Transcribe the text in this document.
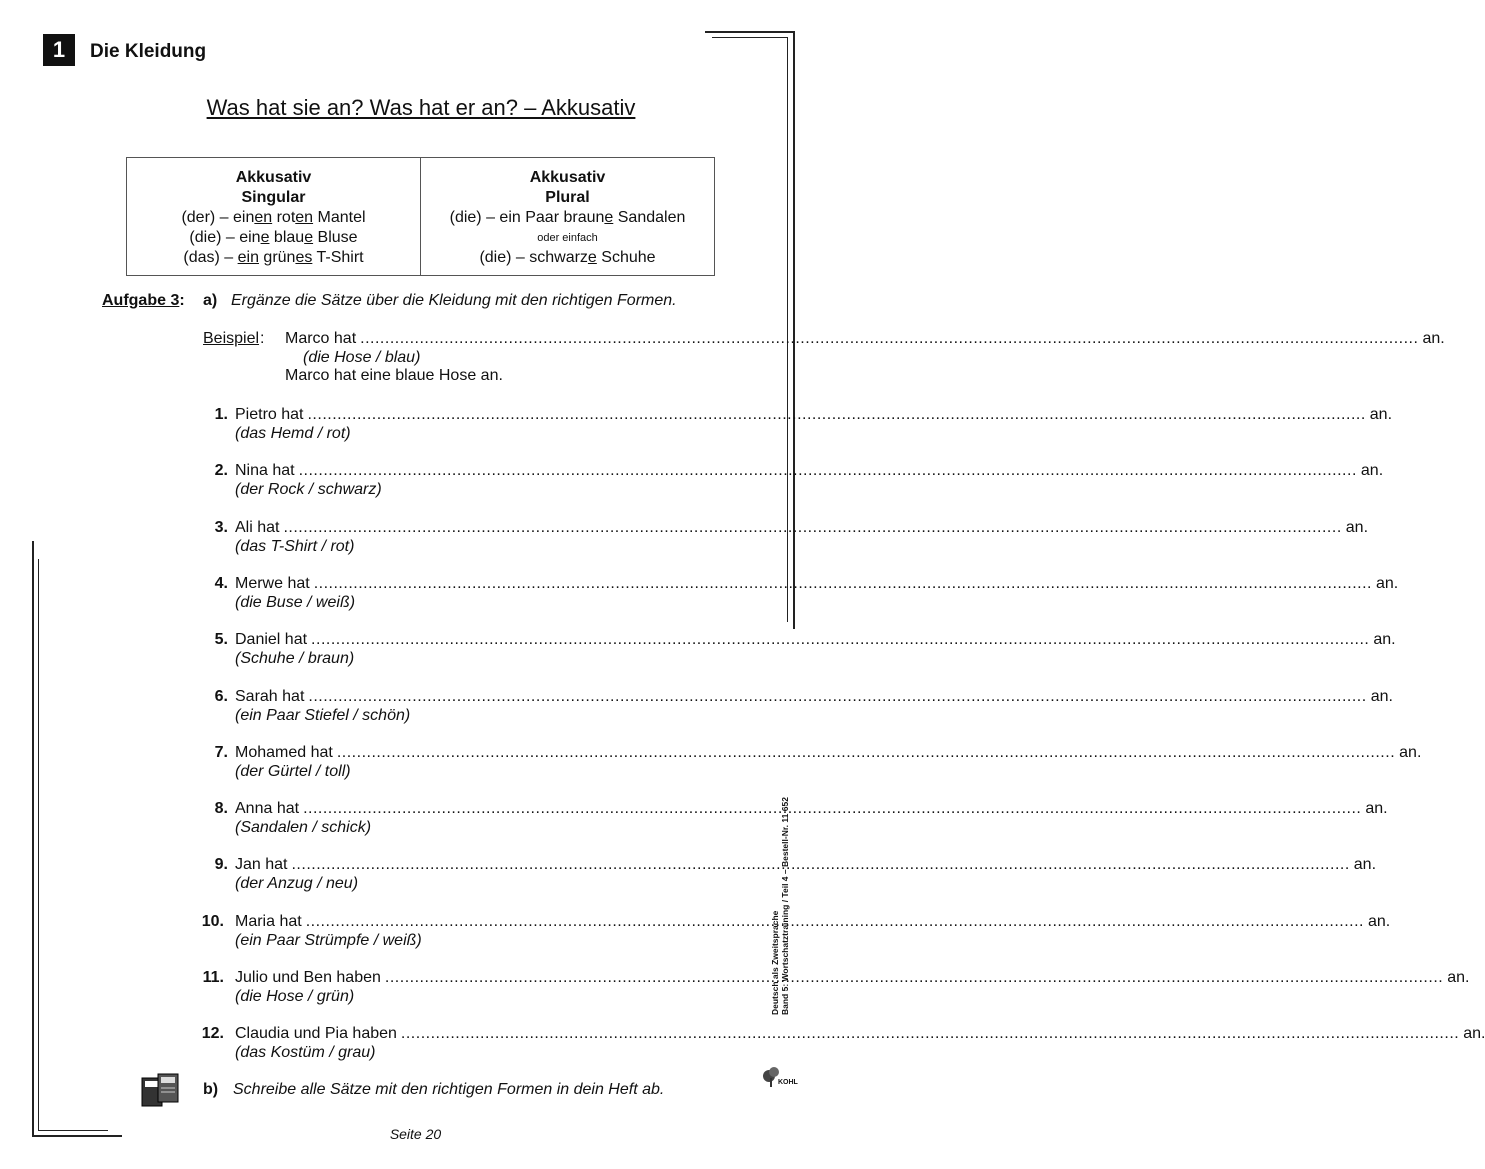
1	Die Kleidung
Was hat sie an? Was hat er an? – Akkusativ
Akkusativ
Singular
(der) – einen roten Mantel
(die) – eine blaue Bluse
(das) – ein grünes T-Shirt
Akkusativ
Plural
(die) – ein Paar braune Sandalen
oder einfach
(die) – schwarze Schuhe
Aufgabe 3: a) Ergänze die Sätze über die Kleidung mit den richtigen Formen.
Beispiel : Marco hat .....	an.
(die Hose / blau)
Marco hat eine blaue Hose an.
1. Pietro hat .....	an.
(das Hemd / rot)
2. Nina hat .....	an.
(der Rock / schwarz)
3. Ali hat .....	an.
(das T-Shirt / rot)
4. Merwe hat .....	an.
(die Buse / weiß)
5. Daniel hat .....	an.
(Schuhe / braun)
6. Sarah hat .....	an.
(ein Paar Stiefel / schön)
7. Mohamed hat .....	an.
(der Gürtel / toll)
8. Anna hat .....	an.
(Sandalen / schick)
9. Jan hat .....	an.
(der Anzug / neu)
10. Maria hat .....	an.
(ein Paar Strümpfe / weiß)
11. Julio und Ben haben .....	an.
(die Hose / grün)
12. Claudia und Pia haben .....	an.
(das Kostüm / grau)
b) Schreibe alle Sätze mit den richtigen Formen in dein Heft ab.
Seite 20
Deutsch als Zweitsprache Band 5: Wortschatztraining / Teil 4 – Bestell-Nr. 11 652
KOHL
